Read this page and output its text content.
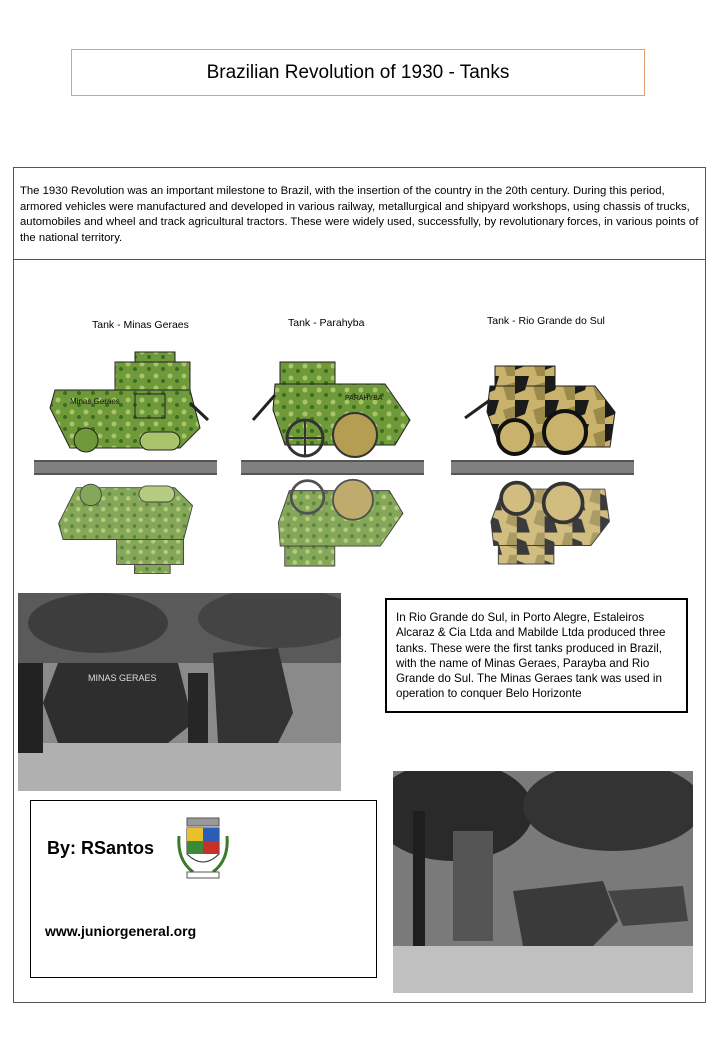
Brazilian Revolution of 1930 - Tanks
The 1930 Revolution was an important milestone to Brazil, with the insertion of the country in the 20th century. During this period, armored vehicles were manufactured and developed in various railway, metallurgical and shipyard workshops, using chassis of trucks, automobiles and wheel and track agricultural tractors. These were widely used, successfully, by revolutionary forces, in various points of the national territory.
Tank - Minas Geraes	Tank - Parahyba	Tank - Rio Grande do Sul
Minas Geraes	PARAHYBA
MINAS GERAES
In Rio Grande do Sul, in Porto Alegre, Estaleiros Alcaraz & Cia Ltda and Mabilde Ltda produced three tanks. These were the first tanks produced in Brazil, with the name of Minas Geraes, Parayba and Rio Grande do Sul. The Minas Geraes tank was used in operation to conquer Belo Horizonte
By: RSantos
www.juniorgeneral.org
